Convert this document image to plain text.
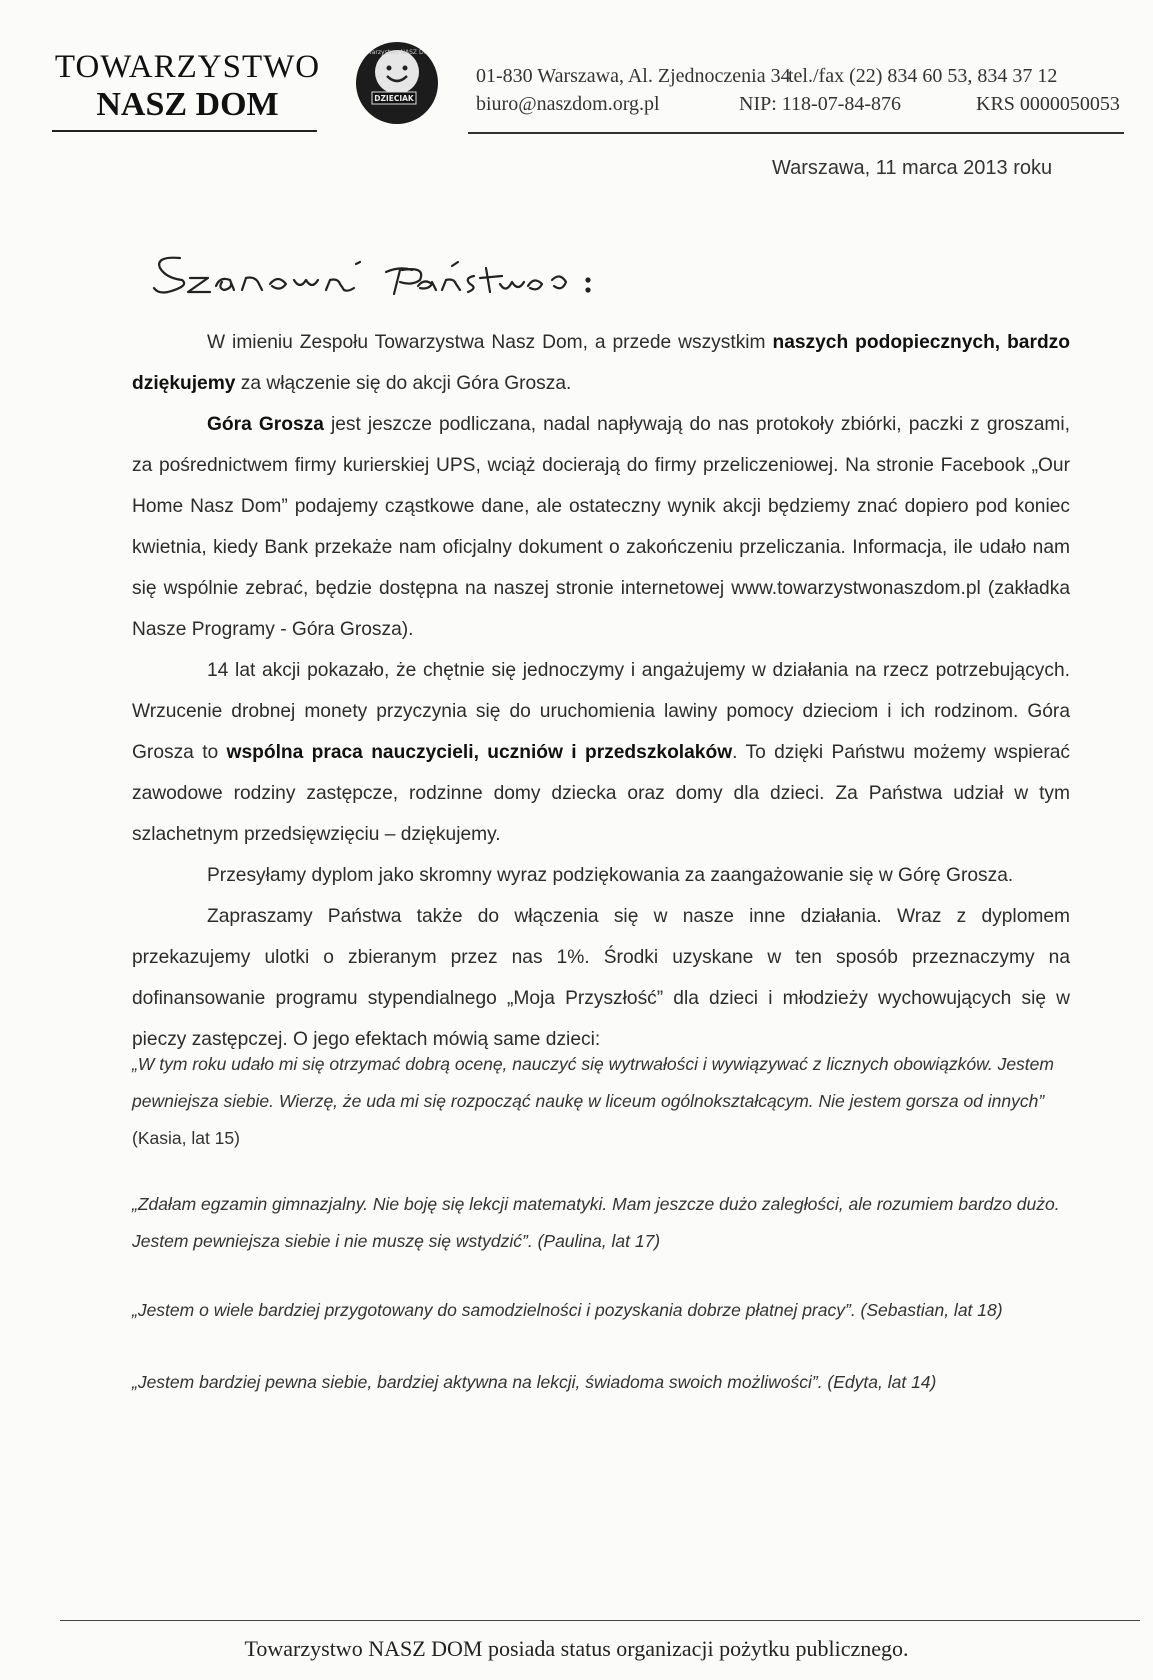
TOWARZYSTWO
NASZ DOM	DZIECIAK
Towarzystwo NASZ DOM
01-830 Warszawa, Al. Zjednoczenia 34
biuro@naszdom.org.pl
tel./fax (22) 834 60 53, 834 37 12
NIP: 118-07-84-876	KRS 0000050053
Warszawa, 11 marca 2013 roku

W imieniu Zespołu Towarzystwa Nasz Dom, a przede wszystkim naszych podopiecznych, bardzo dziękujemy za włączenie się do akcji Góra Grosza.

Góra Grosza jest jeszcze podliczana, nadal napływają do nas protokoły zbiórki, paczki z groszami, za pośrednictwem firmy kurierskiej UPS, wciąż docierają do firmy przeliczeniowej. Na stronie Facebook „Our Home Nasz Dom” podajemy cząstkowe dane, ale ostateczny wynik akcji będziemy znać dopiero pod koniec kwietnia, kiedy Bank przekaże nam oficjalny dokument o zakończeniu przeliczania. Informacja, ile udało nam się wspólnie zebrać, będzie dostępna na naszej stronie internetowej www.towarzystwonaszdom.pl (zakładka Nasze Programy - Góra Grosza).

14 lat akcji pokazało, że chętnie się jednoczymy i angażujemy w działania na rzecz potrzebujących. Wrzucenie drobnej monety przyczynia się do uruchomienia lawiny pomocy dzieciom i ich rodzinom. Góra Grosza to wspólna praca nauczycieli, uczniów i przedszkolaków. To dzięki Państwu możemy wspierać zawodowe rodziny zastępcze, rodzinne domy dziecka oraz domy dla dzieci. Za Państwa udział w tym szlachetnym przedsięwzięciu – dziękujemy.

Przesyłamy dyplom jako skromny wyraz podziękowania za zaangażowanie się w Górę Grosza.

Zapraszamy Państwa także do włączenia się w nasze inne działania. Wraz z dyplomem przekazujemy ulotki o zbieranym przez nas 1%. Środki uzyskane w ten sposób przeznaczymy na dofinansowanie programu stypendialnego „Moja Przyszłość” dla dzieci i młodzieży wychowujących się w pieczy zastępczej. O jego efektach mówią same dzieci:

„W tym roku udało mi się otrzymać dobrą ocenę, nauczyć się wytrwałości i wywiązywać z licznych obowiązków. Jestem pewniejsza siebie. Wierzę, że uda mi się rozpocząć naukę w liceum ogólnokształcącym. Nie jestem gorsza od innych” (Kasia, lat 15)
„Zdałam egzamin gimnazjalny. Nie boję się lekcji matematyki. Mam jeszcze dużo zaległości, ale rozumiem bardzo dużo. Jestem pewniejsza siebie i nie muszę się wstydzić”. (Paulina, lat 17)
„Jestem o wiele bardziej przygotowany do samodzielności i pozyskania dobrze płatnej pracy”. (Sebastian, lat 18)
„Jestem bardziej pewna siebie, bardziej aktywna na lekcji, świadoma swoich możliwości”. (Edyta, lat 14)
Towarzystwo NASZ DOM posiada status organizacji pożytku publicznego.
